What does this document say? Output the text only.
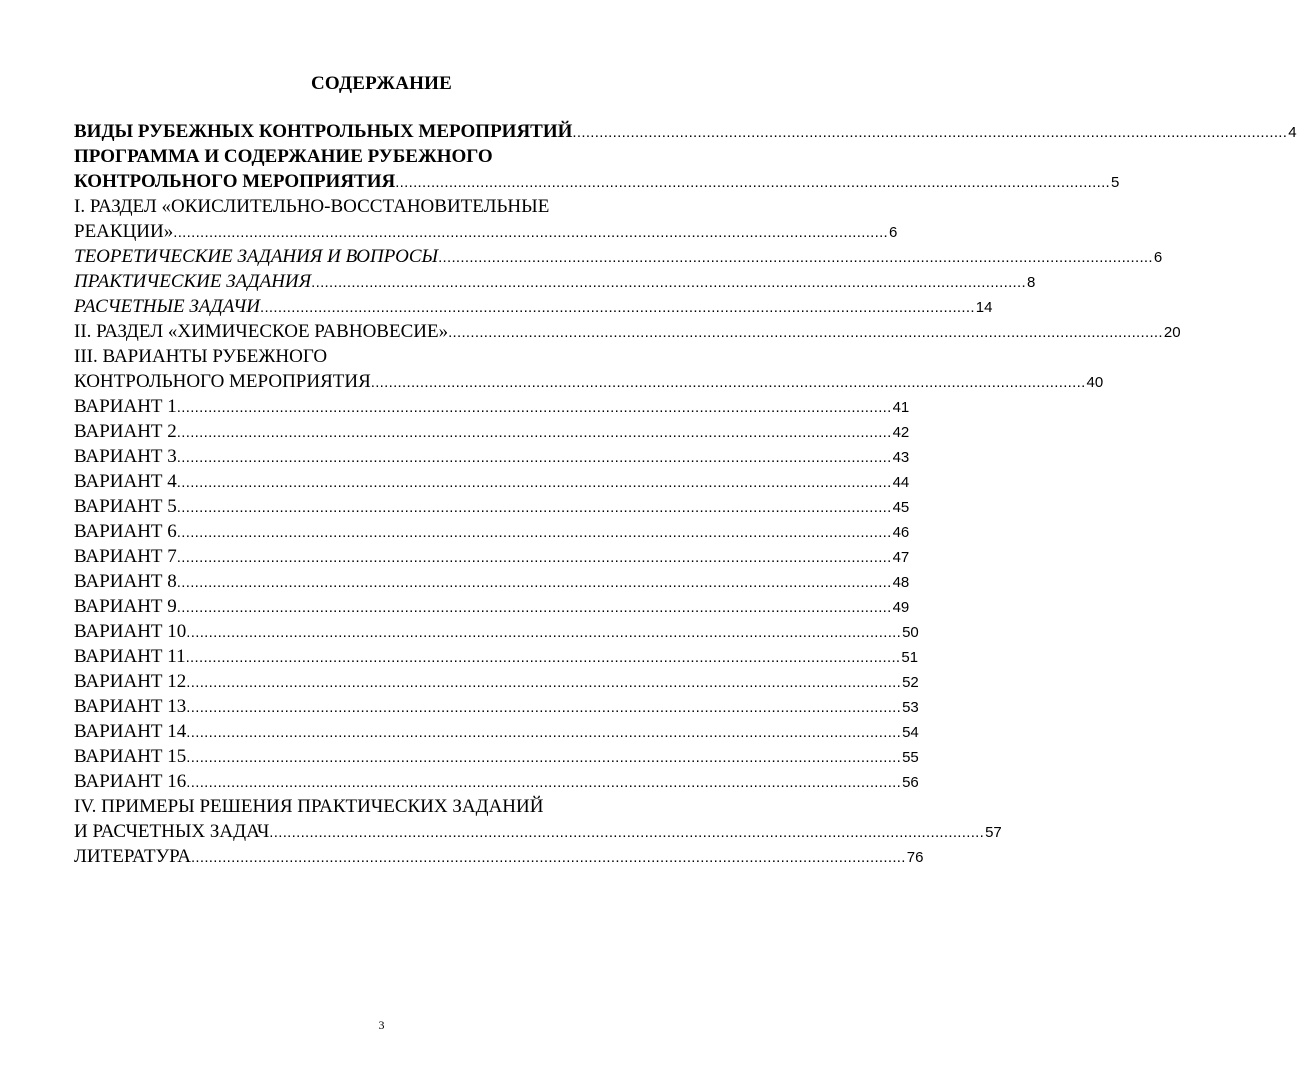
СОДЕРЖАНИЕ
ВИДЫ РУБЕЖНЫХ КОНТРОЛЬНЫХ МЕРОПРИЯТИЙ ................................................................................................................................................................ 4
ПРОГРАММА И СОДЕРЖАНИЕ РУБЕЖНОГО
КОНТРОЛЬНОГО МЕРОПРИЯТИЯ ................................................................................................................................................................ 5
I. РАЗДЕЛ «ОКИСЛИТЕЛЬНО-ВОССТАНОВИТЕЛЬНЫЕ
РЕАКЦИИ» ................................................................................................................................................................ 6
ТЕОРЕТИЧЕСКИЕ ЗАДАНИЯ И ВОПРОСЫ ................................................................................................................................................................ 6
ПРАКТИЧЕСКИЕ ЗАДАНИЯ ................................................................................................................................................................ 8
РАСЧЕТНЫЕ ЗАДАЧИ ................................................................................................................................................................ 14
II. РАЗДЕЛ «ХИМИЧЕСКОЕ РАВНОВЕСИЕ» ................................................................................................................................................................ 20
III. ВАРИАНТЫ РУБЕЖНОГО
КОНТРОЛЬНОГО МЕРОПРИЯТИЯ ................................................................................................................................................................ 40
ВАРИАНТ 1 ................................................................................................................................................................ 41
ВАРИАНТ 2 ................................................................................................................................................................ 42
ВАРИАНТ 3 ................................................................................................................................................................ 43
ВАРИАНТ 4 ................................................................................................................................................................ 44
ВАРИАНТ 5 ................................................................................................................................................................ 45
ВАРИАНТ 6 ................................................................................................................................................................ 46
ВАРИАНТ 7 ................................................................................................................................................................ 47
ВАРИАНТ 8 ................................................................................................................................................................ 48
ВАРИАНТ 9 ................................................................................................................................................................ 49
ВАРИАНТ 10 ................................................................................................................................................................ 50
ВАРИАНТ 11 ................................................................................................................................................................ 51
ВАРИАНТ 12 ................................................................................................................................................................ 52
ВАРИАНТ 13 ................................................................................................................................................................ 53
ВАРИАНТ 14 ................................................................................................................................................................ 54
ВАРИАНТ 15 ................................................................................................................................................................ 55
ВАРИАНТ 16 ................................................................................................................................................................ 56
IV. ПРИМЕРЫ РЕШЕНИЯ ПРАКТИЧЕСКИХ ЗАДАНИЙ
И РАСЧЕТНЫХ ЗАДАЧ ................................................................................................................................................................ 57
ЛИТЕРАТУРА ................................................................................................................................................................ 76
3
